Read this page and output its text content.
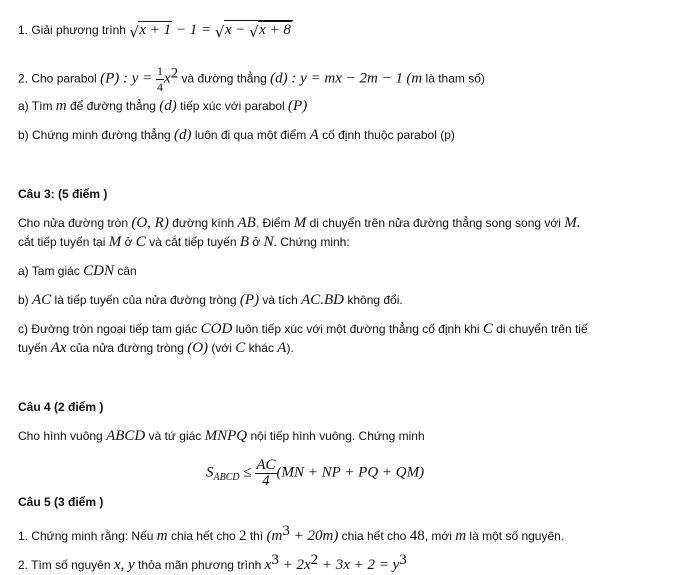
1. Giải phương trình √ x + 1 − 1 = √ x − √ x + 8
2. Cho parabol (P) : $y = \frac{1}{4} x^2$ và đường thẳng (d) : y = mx − 2m − 1 (m là tham số)
a) Tìm m để đường thẳng (d) tiếp xúc với parabol (P)
b) Chứng minh đường thẳng (d) luôn đi qua một điểm A cố định thuộc parabol (p)
Câu 3: (5 điểm )
Cho nửa đường tròn (O, R) đường kính AB. Điểm M di chuyển trên nửa đường thẳng song song với M.
cắt tiếp tuyến tại M ở C và cắt tiếp tuyến B ở N. Chứng minh:
a) Tam giác CDN cân
b) AC là tiếp tuyến của nửa đường tròng (P) và tích AC.BD không đổi.
c) Đường tròn ngoại tiếp tam giác COD luôn tiếp xúc với một đường thẳng cố định khi C di chuyển trên tiế
tuyến Ax của nửa đường tròng (O) (với C khác A).
Câu 4 (2 điểm )
Cho hình vuông ABCD và tứ giác MNPQ nội tiếp hình vuông. Chứng minh
$S_{ABCD} \le \frac{AC}{4} (MN$ + NP + PQ + QM)
Câu 5 (3 điểm )
1. Chứng minh rằng: Nếu m chia hết cho 2 thì $(m^3 + 20m)$ chia hết cho 48, mới m là một số nguyên.
2. Tìm số nguyên x, y thỏa mãn phương trình $x^3 + 2x^2 + 3x + 2 = y^3$
